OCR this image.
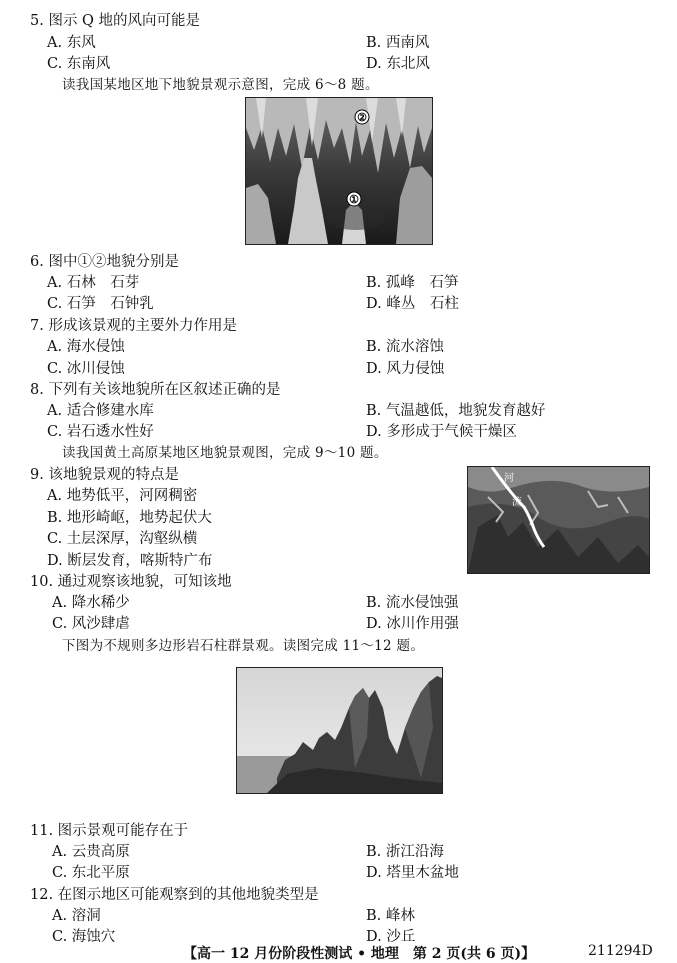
5. 图示 Q 地的风向可能是
A. 东风	B. 西南风
C. 东南风	D. 东北风
读我国某地区地下地貌景观示意图，完成 6～8 题。
②
①
6. 图中①②地貌分别是
A. 石林　石芽	B. 孤峰　石笋
C. 石笋　石钟乳	D. 峰丛　石柱
7. 形成该景观的主要外力作用是
A. 海水侵蚀	B. 流水溶蚀
C. 冰川侵蚀	D. 风力侵蚀
8. 下列有关该地貌所在区叙述正确的是
A. 适合修建水库	B. 气温越低，地貌发育越好
C. 岩石透水性好	D. 多形成于气候干燥区
读我国黄土高原某地区地貌景观图，完成 9～10 题。
9. 该地貌景观的特点是
A. 地势低平，河网稠密
B. 地形崎岖，地势起伏大
C. 土层深厚，沟壑纵横
D. 断层发育，喀斯特广布
河
流
10. 通过观察该地貌，可知该地
A. 降水稀少	B. 流水侵蚀强
C. 风沙肆虐	D. 冰川作用强
下图为不规则多边形岩石柱群景观。读图完成 11～12 题。
11. 图示景观可能存在于
A. 云贵高原	B. 浙江沿海
C. 东北平原	D. 塔里木盆地
12. 在图示地区可能观察到的其他地貌类型是
A. 溶洞	B. 峰林
C. 海蚀穴	D. 沙丘
【高一 12 月份阶段性测试 • 地理　第 2 页(共 6 页)】	211294D
